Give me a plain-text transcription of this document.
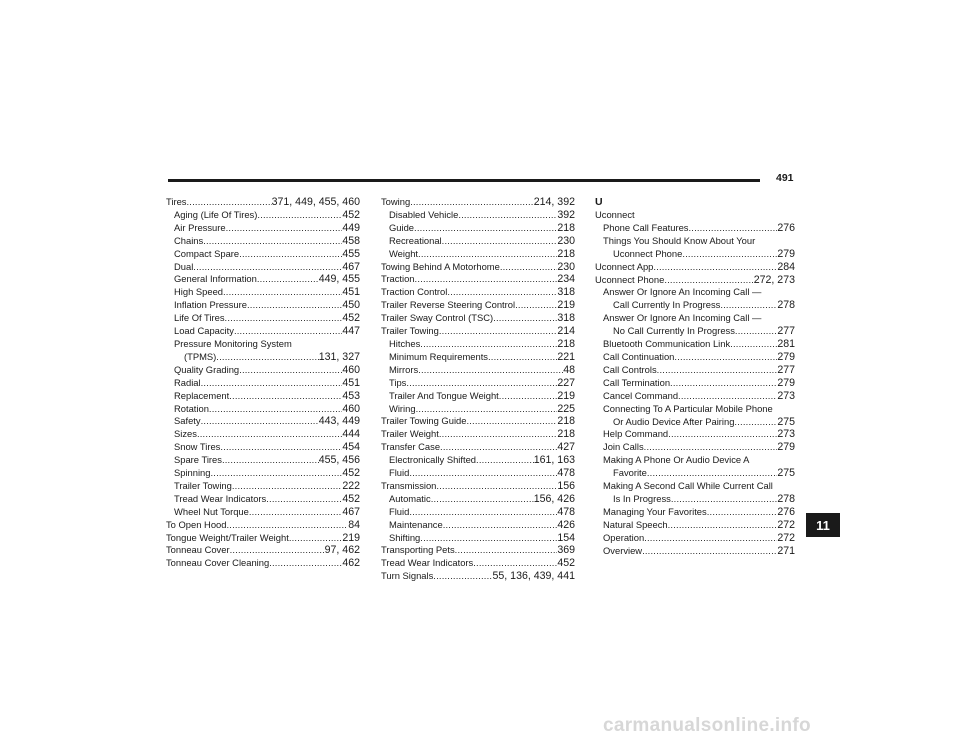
491
Tires .....	371, 449, 455, 460
Aging (Life Of Tires) .....	452
Air Pressure .....	449
Chains .....	458
Compact Spare .....	455
Dual .....	467
General Information .....	449, 455
High Speed .....	451
Inflation Pressure .....	450
Life Of Tires .....	452
Load Capacity .....	447
Pressure Monitoring System
(TPMS) .....	131, 327
Quality Grading .....	460
Radial .....	451
Replacement .....	453
Rotation .....	460
Safety .....	443, 449
Sizes .....	444
Snow Tires .....	454
Spare Tires .....	455, 456
Spinning .....	452
Trailer Towing .....	222
Tread Wear Indicators .....	452
Wheel Nut Torque .....	467
To Open Hood .....	84
Tongue Weight/Trailer Weight .....	219
Tonneau Cover .....	97, 462
Tonneau Cover Cleaning .....	462
Towing .....	214, 392
Disabled Vehicle .....	392
Guide .....	218
Recreational .....	230
Weight .....	218
Towing Behind A Motorhome .....	230
Traction .....	234
Traction Control .....	318
Trailer Reverse Steering Control .....	219
Trailer Sway Control (TSC) .....	318
Trailer Towing .....	214
Hitches .....	218
Minimum Requirements .....	221
Mirrors .....	48
Tips .....	227
Trailer And Tongue Weight .....	219
Wiring .....	225
Trailer Towing Guide .....	218
Trailer Weight .....	218
Transfer Case .....	427
Electronically Shifted .....	161, 163
Fluid .....	478
Transmission .....	156
Automatic .....	156, 426
Fluid .....	478
Maintenance .....	426
Shifting .....	154
Transporting Pets .....	369
Tread Wear Indicators .....	452
Turn Signals .....	55, 136, 439, 441
U
Uconnect
Phone Call Features .....	276
Things You Should Know About Your
Uconnect Phone .....	279
Uconnect App .....	284
Uconnect Phone .....	272, 273
Answer Or Ignore An Incoming Call —
Call Currently In Progress .....	278
Answer Or Ignore An Incoming Call —
No Call Currently In Progress .....	277
Bluetooth Communication Link .....	281
Call Continuation .....	279
Call Controls .....	277
Call Termination .....	279
Cancel Command .....	273
Connecting To A Particular Mobile Phone
Or Audio Device After Pairing .....	275
Help Command .....	273
Join Calls .....	279
Making A Phone Or Audio Device A
Favorite .....	275
Making A Second Call While Current Call
Is In Progress .....	278
Managing Your Favorites .....	276
Natural Speech .....	272
Operation .....	272
Overview .....	271
11
carmanualsonline.info
